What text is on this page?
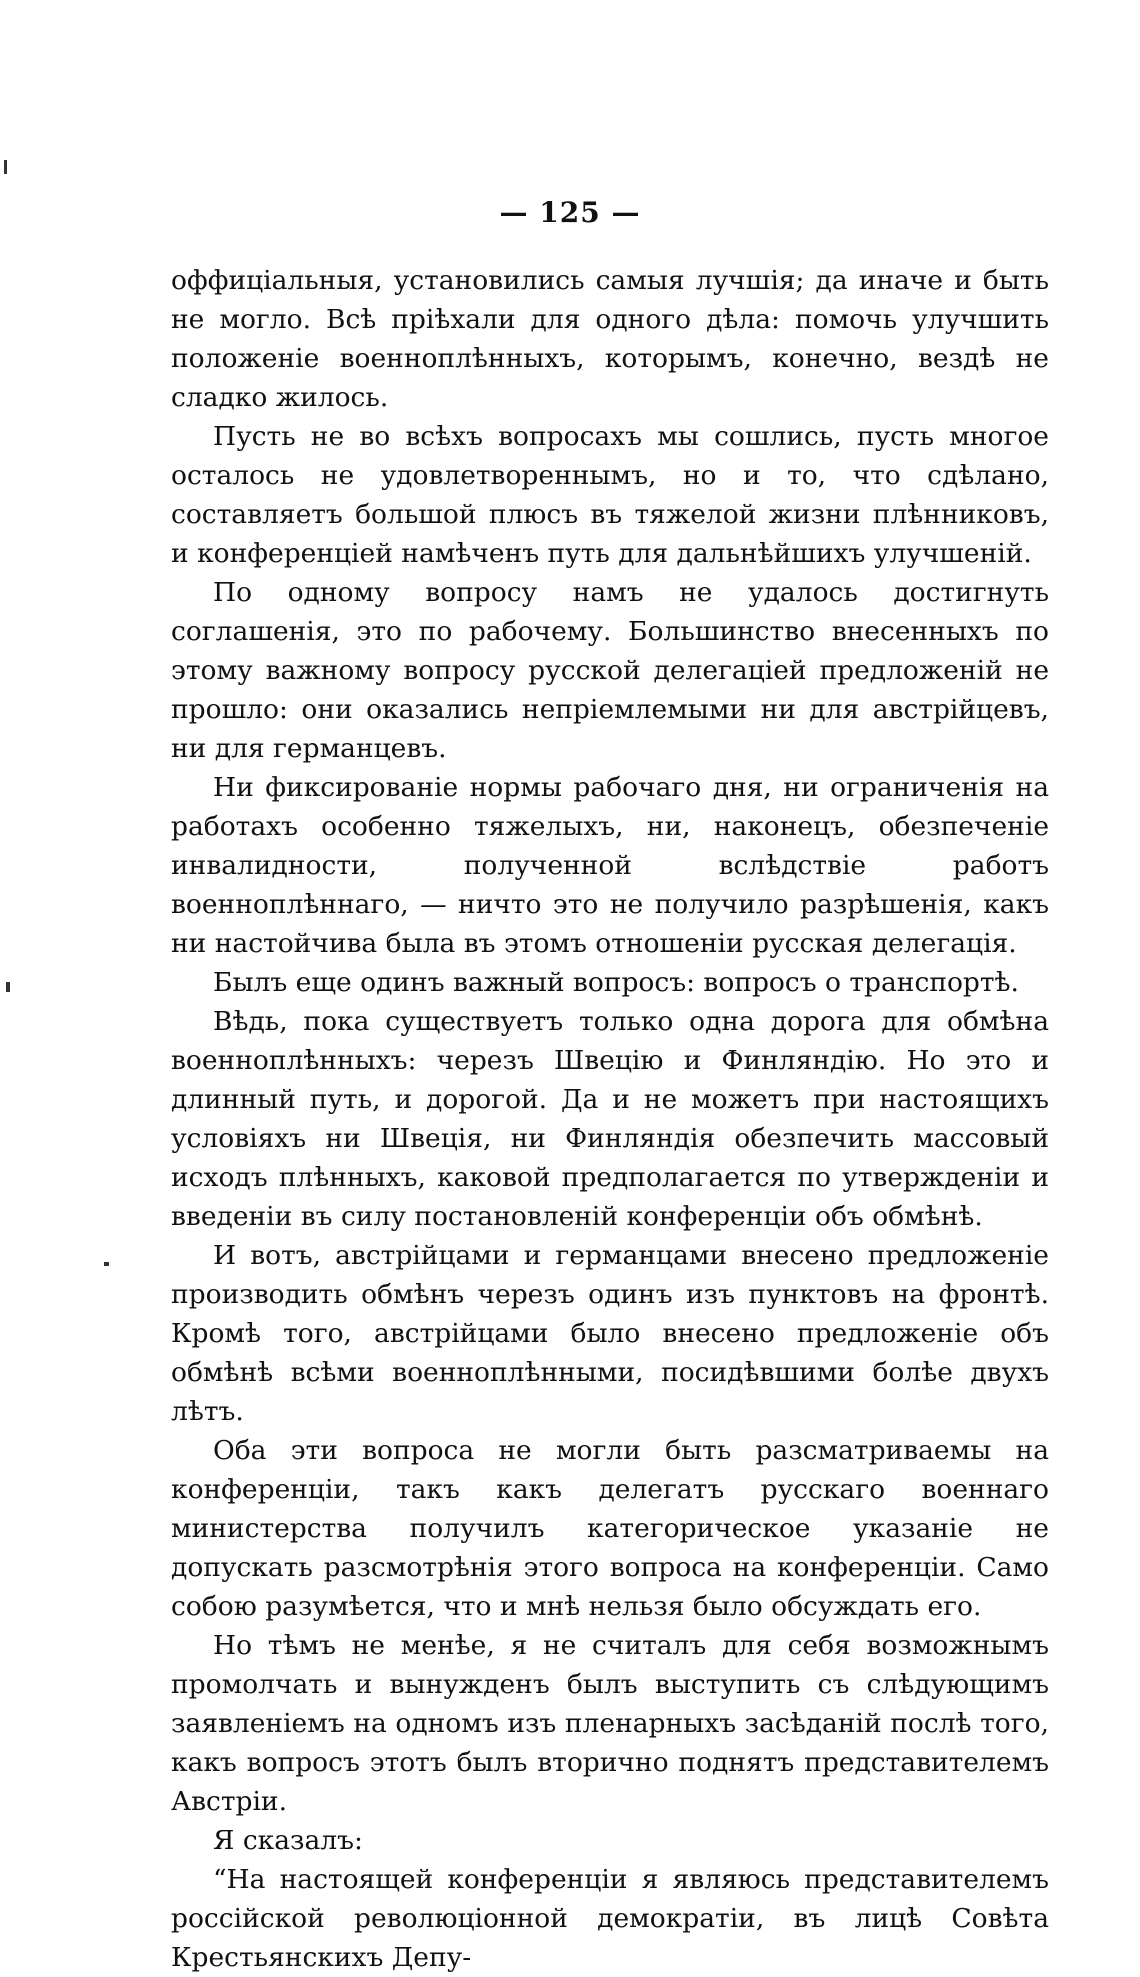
— 125 —

оффиціальныя, установились самыя лучшія; да иначе и быть не могло. Всѣ пріѣхали для одного дѣла: помочь улучшить положеніе военноплѣнныхъ, которымъ, конечно, вездѣ не сладко жилось.

Пусть не во всѣхъ вопросахъ мы сошлись, пусть многое осталось не удовлетвореннымъ, но и то, что сдѣлано, составляетъ большой плюсъ въ тяжелой жизни плѣнниковъ, и конференціей намѣченъ путь для дальнѣйшихъ улучшеній.

По одному вопросу намъ не удалось достигнуть соглашенія, это по рабочему. Большинство внесенныхъ по этому важному вопросу русской делегаціей предложеній не прошло: они оказались непріемлемыми ни для австрійцевъ, ни для германцевъ.

Ни фиксированіе нормы рабочаго дня, ни ограниченія на работахъ особенно тяжелыхъ, ни, наконецъ, обезпеченіе инвалидности, полученной вслѣдствіе работъ военноплѣннаго, — ничто это не получило разрѣшенія, какъ ни настойчива была въ этомъ отношеніи русская делегація.

Былъ еще одинъ важный вопросъ: вопросъ о транспортѣ.

Вѣдь, пока существуетъ только одна дорога для обмѣна военноплѣнныхъ: черезъ Швецію и Финляндію. Но это и длинный путь, и дорогой. Да и не можетъ при настоящихъ условіяхъ ни Швеція, ни Финляндія обезпечить массовый исходъ плѣнныхъ, каковой предполагается по утвержденіи и введеніи въ силу постановленій конференціи объ обмѣнѣ.

И вотъ, австрійцами и германцами внесено предложеніе производить обмѣнъ черезъ одинъ изъ пунктовъ на фронтѣ. Кромѣ того, австрійцами было внесено предложеніе объ обмѣнѣ всѣми военноплѣнными, посидѣвшими болѣе двухъ лѣтъ.

Оба эти вопроса не могли быть разсматриваемы на конференціи, такъ какъ делегатъ русскаго военнаго министерства получилъ категорическое указаніе не допускать разсмотрѣнія этого вопроса на конференціи. Само собою разумѣется, что и мнѣ нельзя было обсуждать его.

Но тѣмъ не менѣе, я не считалъ для себя возможнымъ промолчать и вынужденъ былъ выступить съ слѣдующимъ заявленіемъ на одномъ изъ пленарныхъ засѣданій послѣ того, какъ вопросъ этотъ былъ вторично поднятъ представителемъ Австріи.

Я сказалъ:

“На настоящей конференціи я являюсь представителемъ россійской революціонной демократіи, въ лицѣ Совѣта Крестьянскихъ Депу-
